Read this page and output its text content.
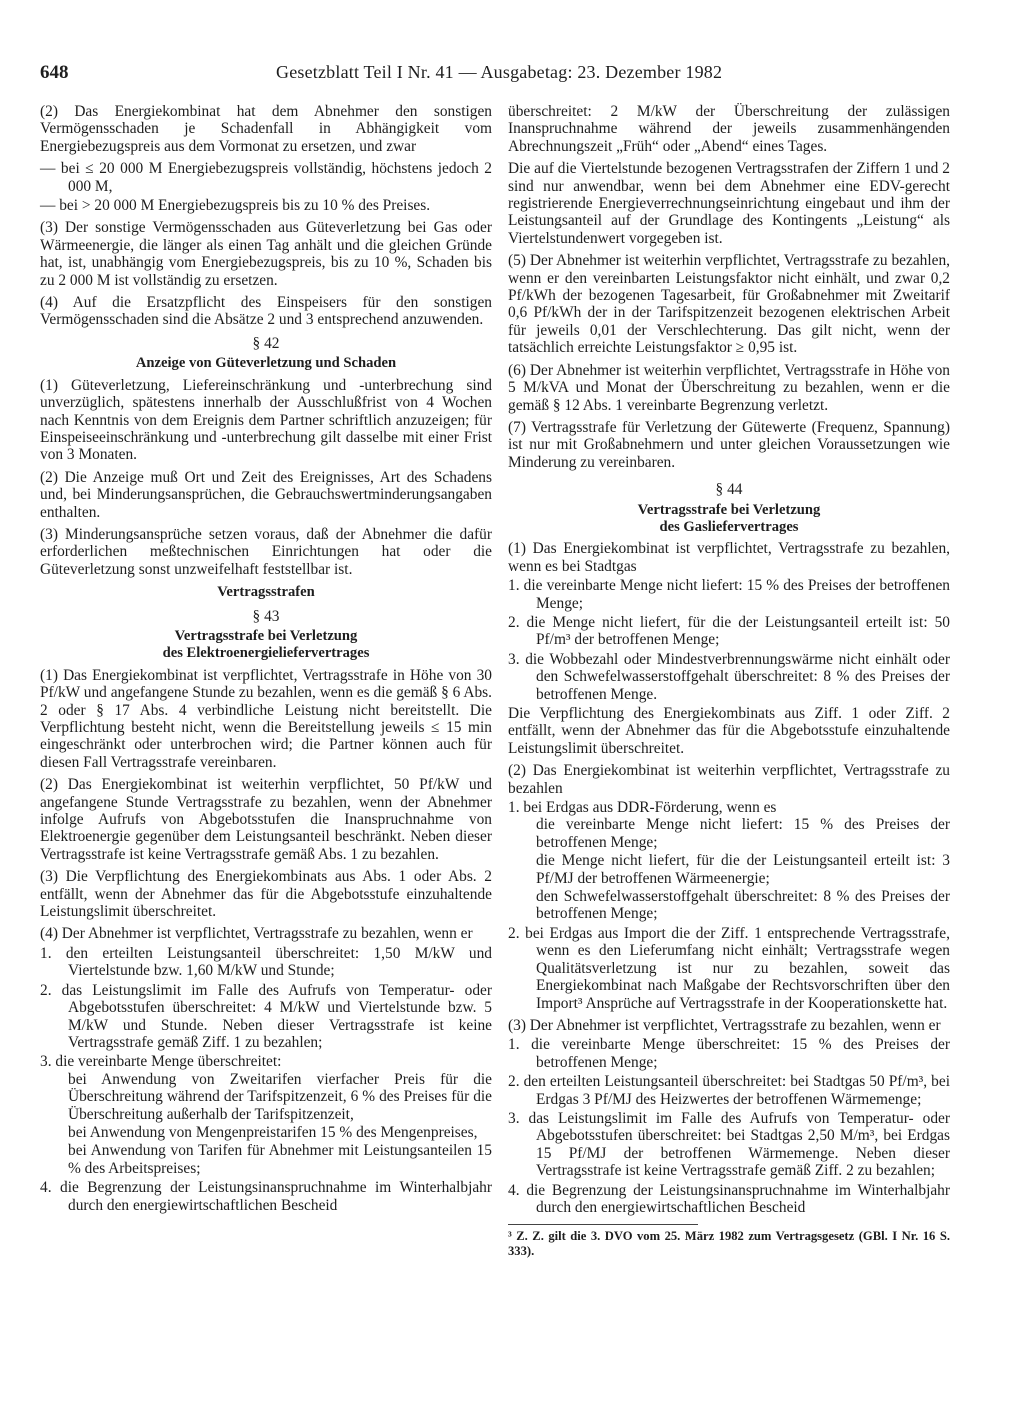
648	Gesetzblatt Teil I Nr. 41 — Ausgabetag: 23. Dezember 1982

(2) Das Energiekombinat hat dem Abnehmer den sonstigen Vermögensschaden je Schadenfall in Abhängigkeit vom Energiebezugspreis aus dem Vormonat zu ersetzen, und zwar

— bei ≤ 20 000 M Energiebezugspreis vollständig, höchstens jedoch 2 000 M,

— bei > 20 000 M Energiebezugspreis bis zu 10 % des Preises.

(3) Der sonstige Vermögensschaden aus Güteverletzung bei Gas oder Wärmeenergie, die länger als einen Tag anhält und die gleichen Gründe hat, ist, unabhängig vom Energiebezugspreis, bis zu 10 %, Schaden bis zu 2 000 M ist vollständig zu ersetzen.

(4) Auf die Ersatzpflicht des Einspeisers für den sonstigen Vermögensschaden sind die Absätze 2 und 3 entsprechend anzuwenden.

§ 42

Anzeige von Güteverletzung und Schaden

(1) Güteverletzung, Liefereinschränkung und -unterbrechung sind unverzüglich, spätestens innerhalb der Ausschlußfrist von 4 Wochen nach Kenntnis von dem Ereignis dem Partner schriftlich anzuzeigen; für Einspeiseeinschränkung und -unterbrechung gilt dasselbe mit einer Frist von 3 Monaten.

(2) Die Anzeige muß Ort und Zeit des Ereignisses, Art des Schadens und, bei Minderungsansprüchen, die Gebrauchswertminderungsangaben enthalten.

(3) Minderungsansprüche setzen voraus, daß der Abnehmer die dafür erforderlichen meßtechnischen Einrichtungen hat oder die Güteverletzung sonst unzweifelhaft feststellbar ist.

Vertragsstrafen

§ 43

Vertragsstrafe bei Verletzung

des Elektroenergieliefervertrages

(1) Das Energiekombinat ist verpflichtet, Vertragsstrafe in Höhe von 30 Pf/kW und angefangene Stunde zu bezahlen, wenn es die gemäß § 6 Abs. 2 oder § 17 Abs. 4 verbindliche Leistung nicht bereitstellt. Die Verpflichtung besteht nicht, wenn die Bereitstellung jeweils ≤ 15 min eingeschränkt oder unterbrochen wird; die Partner können auch für diesen Fall Vertragsstrafe vereinbaren.

(2) Das Energiekombinat ist weiterhin verpflichtet, 50 Pf/kW und angefangene Stunde Vertragsstrafe zu bezahlen, wenn der Abnehmer infolge Aufrufs von Abgebotsstufen die Inanspruchnahme von Elektroenergie gegenüber dem Leistungsanteil beschränkt. Neben dieser Vertragsstrafe ist keine Vertragsstrafe gemäß Abs. 1 zu bezahlen.

(3) Die Verpflichtung des Energiekombinats aus Abs. 1 oder Abs. 2 entfällt, wenn der Abnehmer das für die Abgebotsstufe einzuhaltende Leistungslimit überschreitet.

(4) Der Abnehmer ist verpflichtet, Vertragsstrafe zu bezahlen, wenn er

1. den erteilten Leistungsanteil überschreitet: 1,50 M/kW und Viertelstunde bzw. 1,60 M/kW und Stunde;

2. das Leistungslimit im Falle des Aufrufs von Temperatur- oder Abgebotsstufen überschreitet: 4 M/kW und Viertelstunde bzw. 5 M/kW und Stunde. Neben dieser Vertragsstrafe ist keine Vertragsstrafe gemäß Ziff. 1 zu bezahlen;

3. die vereinbarte Menge überschreitet:

bei Anwendung von Zweitarifen vierfacher Preis für die Überschreitung während der Tarifspitzenzeit, 6 % des Preises für die Überschreitung außerhalb der Tarifspitzenzeit,

bei Anwendung von Mengenpreistarifen 15 % des Mengenpreises,

bei Anwendung von Tarifen für Abnehmer mit Leistungsanteilen 15 % des Arbeitspreises;

4. die Begrenzung der Leistungsinanspruchnahme im Winterhalbjahr durch den energiewirtschaftlichen Bescheid

überschreitet: 2 M/kW der Überschreitung der zulässigen Inanspruchnahme während der jeweils zusammenhängenden Abrechnungszeit „Früh“ oder „Abend“ eines Tages.

Die auf die Viertelstunde bezogenen Vertragsstrafen der Ziffern 1 und 2 sind nur anwendbar, wenn bei dem Abnehmer eine EDV-gerecht registrierende Energieverrechnungseinrichtung eingebaut und ihm der Leistungsanteil auf der Grundlage des Kontingents „Leistung“ als Viertelstundenwert vorgegeben ist.

(5) Der Abnehmer ist weiterhin verpflichtet, Vertragsstrafe zu bezahlen, wenn er den vereinbarten Leistungsfaktor nicht einhält, und zwar 0,2 Pf/kWh der bezogenen Tagesarbeit, für Großabnehmer mit Zweitarif 0,6 Pf/kWh der in der Tarifspitzenzeit bezogenen elektrischen Arbeit für jeweils 0,01 der Verschlechterung. Das gilt nicht, wenn der tatsächlich erreichte Leistungsfaktor ≥ 0,95 ist.

(6) Der Abnehmer ist weiterhin verpflichtet, Vertragsstrafe in Höhe von 5 M/kVA und Monat der Überschreitung zu bezahlen, wenn er die gemäß § 12 Abs. 1 vereinbarte Begrenzung verletzt.

(7) Vertragsstrafe für Verletzung der Gütewerte (Frequenz, Spannung) ist nur mit Großabnehmern und unter gleichen Voraussetzungen wie Minderung zu vereinbaren.

§ 44

Vertragsstrafe bei Verletzung

des Gasliefervertrages

(1) Das Energiekombinat ist verpflichtet, Vertragsstrafe zu bezahlen, wenn es bei Stadtgas

1. die vereinbarte Menge nicht liefert: 15 % des Preises der betroffenen Menge;

2. die Menge nicht liefert, für die der Leistungsanteil erteilt ist: 50 Pf/m³ der betroffenen Menge;

3. die Wobbezahl oder Mindestverbrennungswärme nicht einhält oder den Schwefelwasserstoffgehalt überschreitet: 8 % des Preises der betroffenen Menge.

Die Verpflichtung des Energiekombinats aus Ziff. 1 oder Ziff. 2 entfällt, wenn der Abnehmer das für die Abgebotsstufe einzuhaltende Leistungslimit überschreitet.

(2) Das Energiekombinat ist weiterhin verpflichtet, Vertragsstrafe zu bezahlen

1. bei Erdgas aus DDR-Förderung, wenn es

die vereinbarte Menge nicht liefert: 15 % des Preises der betroffenen Menge;

die Menge nicht liefert, für die der Leistungsanteil erteilt ist: 3 Pf/MJ der betroffenen Wärmeenergie;

den Schwefelwasserstoffgehalt überschreitet: 8 % des Preises der betroffenen Menge;

2. bei Erdgas aus Import die der Ziff. 1 entsprechende Vertragsstrafe, wenn es den Lieferumfang nicht einhält; Vertragsstrafe wegen Qualitätsverletzung ist nur zu bezahlen, soweit das Energiekombinat nach Maßgabe der Rechtsvorschriften über den Import³ Ansprüche auf Vertragsstrafe in der Kooperationskette hat.

(3) Der Abnehmer ist verpflichtet, Vertragsstrafe zu bezahlen, wenn er

1. die vereinbarte Menge überschreitet: 15 % des Preises der betroffenen Menge;

2. den erteilten Leistungsanteil überschreitet: bei Stadtgas 50 Pf/m³, bei Erdgas 3 Pf/MJ des Heizwertes der betroffenen Wärmemenge;

3. das Leistungslimit im Falle des Aufrufs von Temperatur- oder Abgebotsstufen überschreitet: bei Stadtgas 2,50 M/m³, bei Erdgas 15 Pf/MJ der betroffenen Wärmemenge. Neben dieser Vertragsstrafe ist keine Vertragsstrafe gemäß Ziff. 2 zu bezahlen;

4. die Begrenzung der Leistungsinanspruchnahme im Winterhalbjahr durch den energiewirtschaftlichen Bescheid

³ Z. Z. gilt die 3. DVO vom 25. März 1982 zum Vertragsgesetz (GBl. I Nr. 16 S. 333).
